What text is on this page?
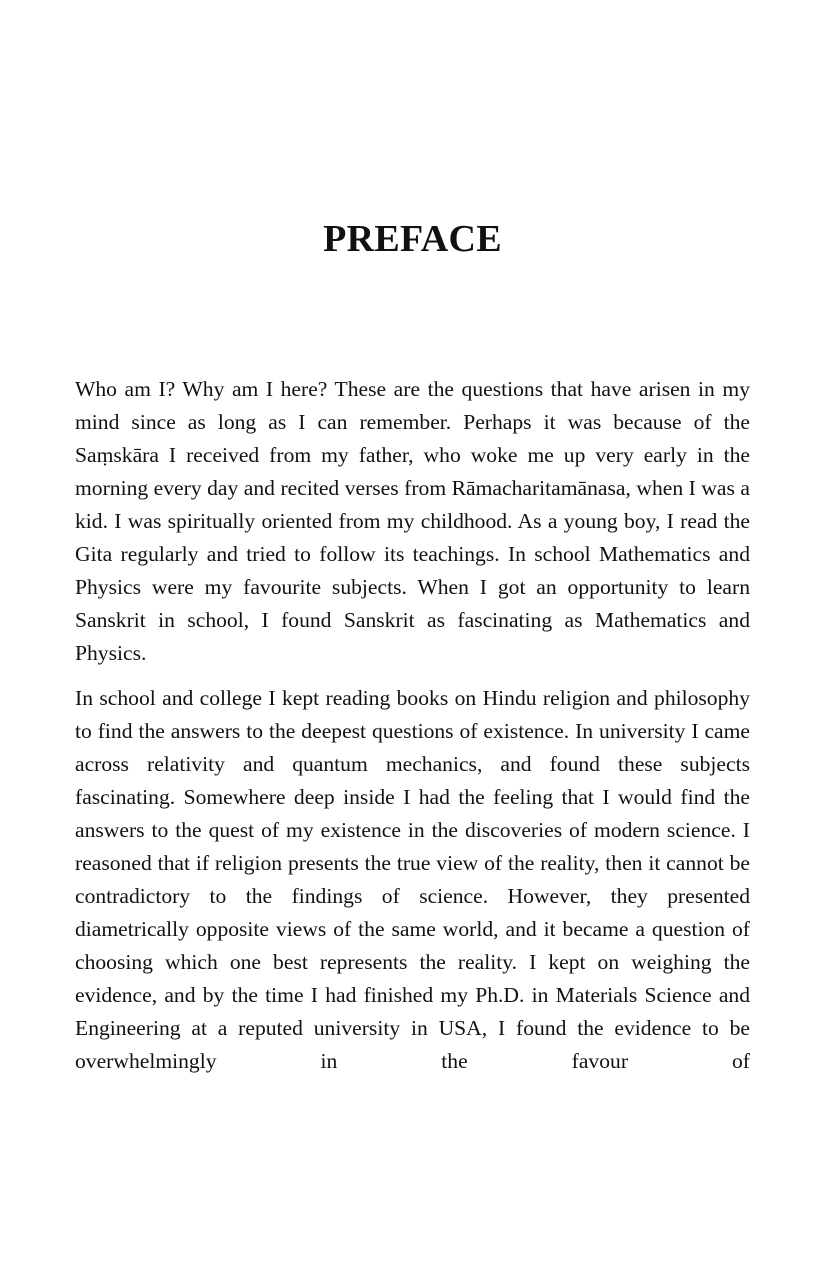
PREFACE

Who am I? Why am I here? These are the questions that have arisen in my mind since as long as I can remember. Perhaps it was because of the Saṃskāra I received from my father, who woke me up very early in the morning every day and recited verses from Rāmacharitamānasa, when I was a kid. I was spiritually oriented from my childhood. As a young boy, I read the Gita regularly and tried to follow its teachings. In school Mathematics and Physics were my favourite subjects. When I got an opportunity to learn Sanskrit in school, I found Sanskrit as fascinating as Mathematics and Physics.

In school and college I kept reading books on Hindu religion and philosophy to find the answers to the deepest questions of existence. In university I came across relativity and quantum mechanics, and found these subjects fascinating. Somewhere deep inside I had the feeling that I would find the answers to the quest of my existence in the discoveries of modern science. I reasoned that if religion presents the true view of the reality, then it cannot be contradictory to the findings of science. However, they presented diametrically opposite views of the same world, and it became a question of choosing which one best represents the reality. I kept on weighing the evidence, and by the time I had finished my Ph.D. in Materials Science and Engineering at a reputed university in USA, I found the evidence to be overwhelmingly in the favour of
